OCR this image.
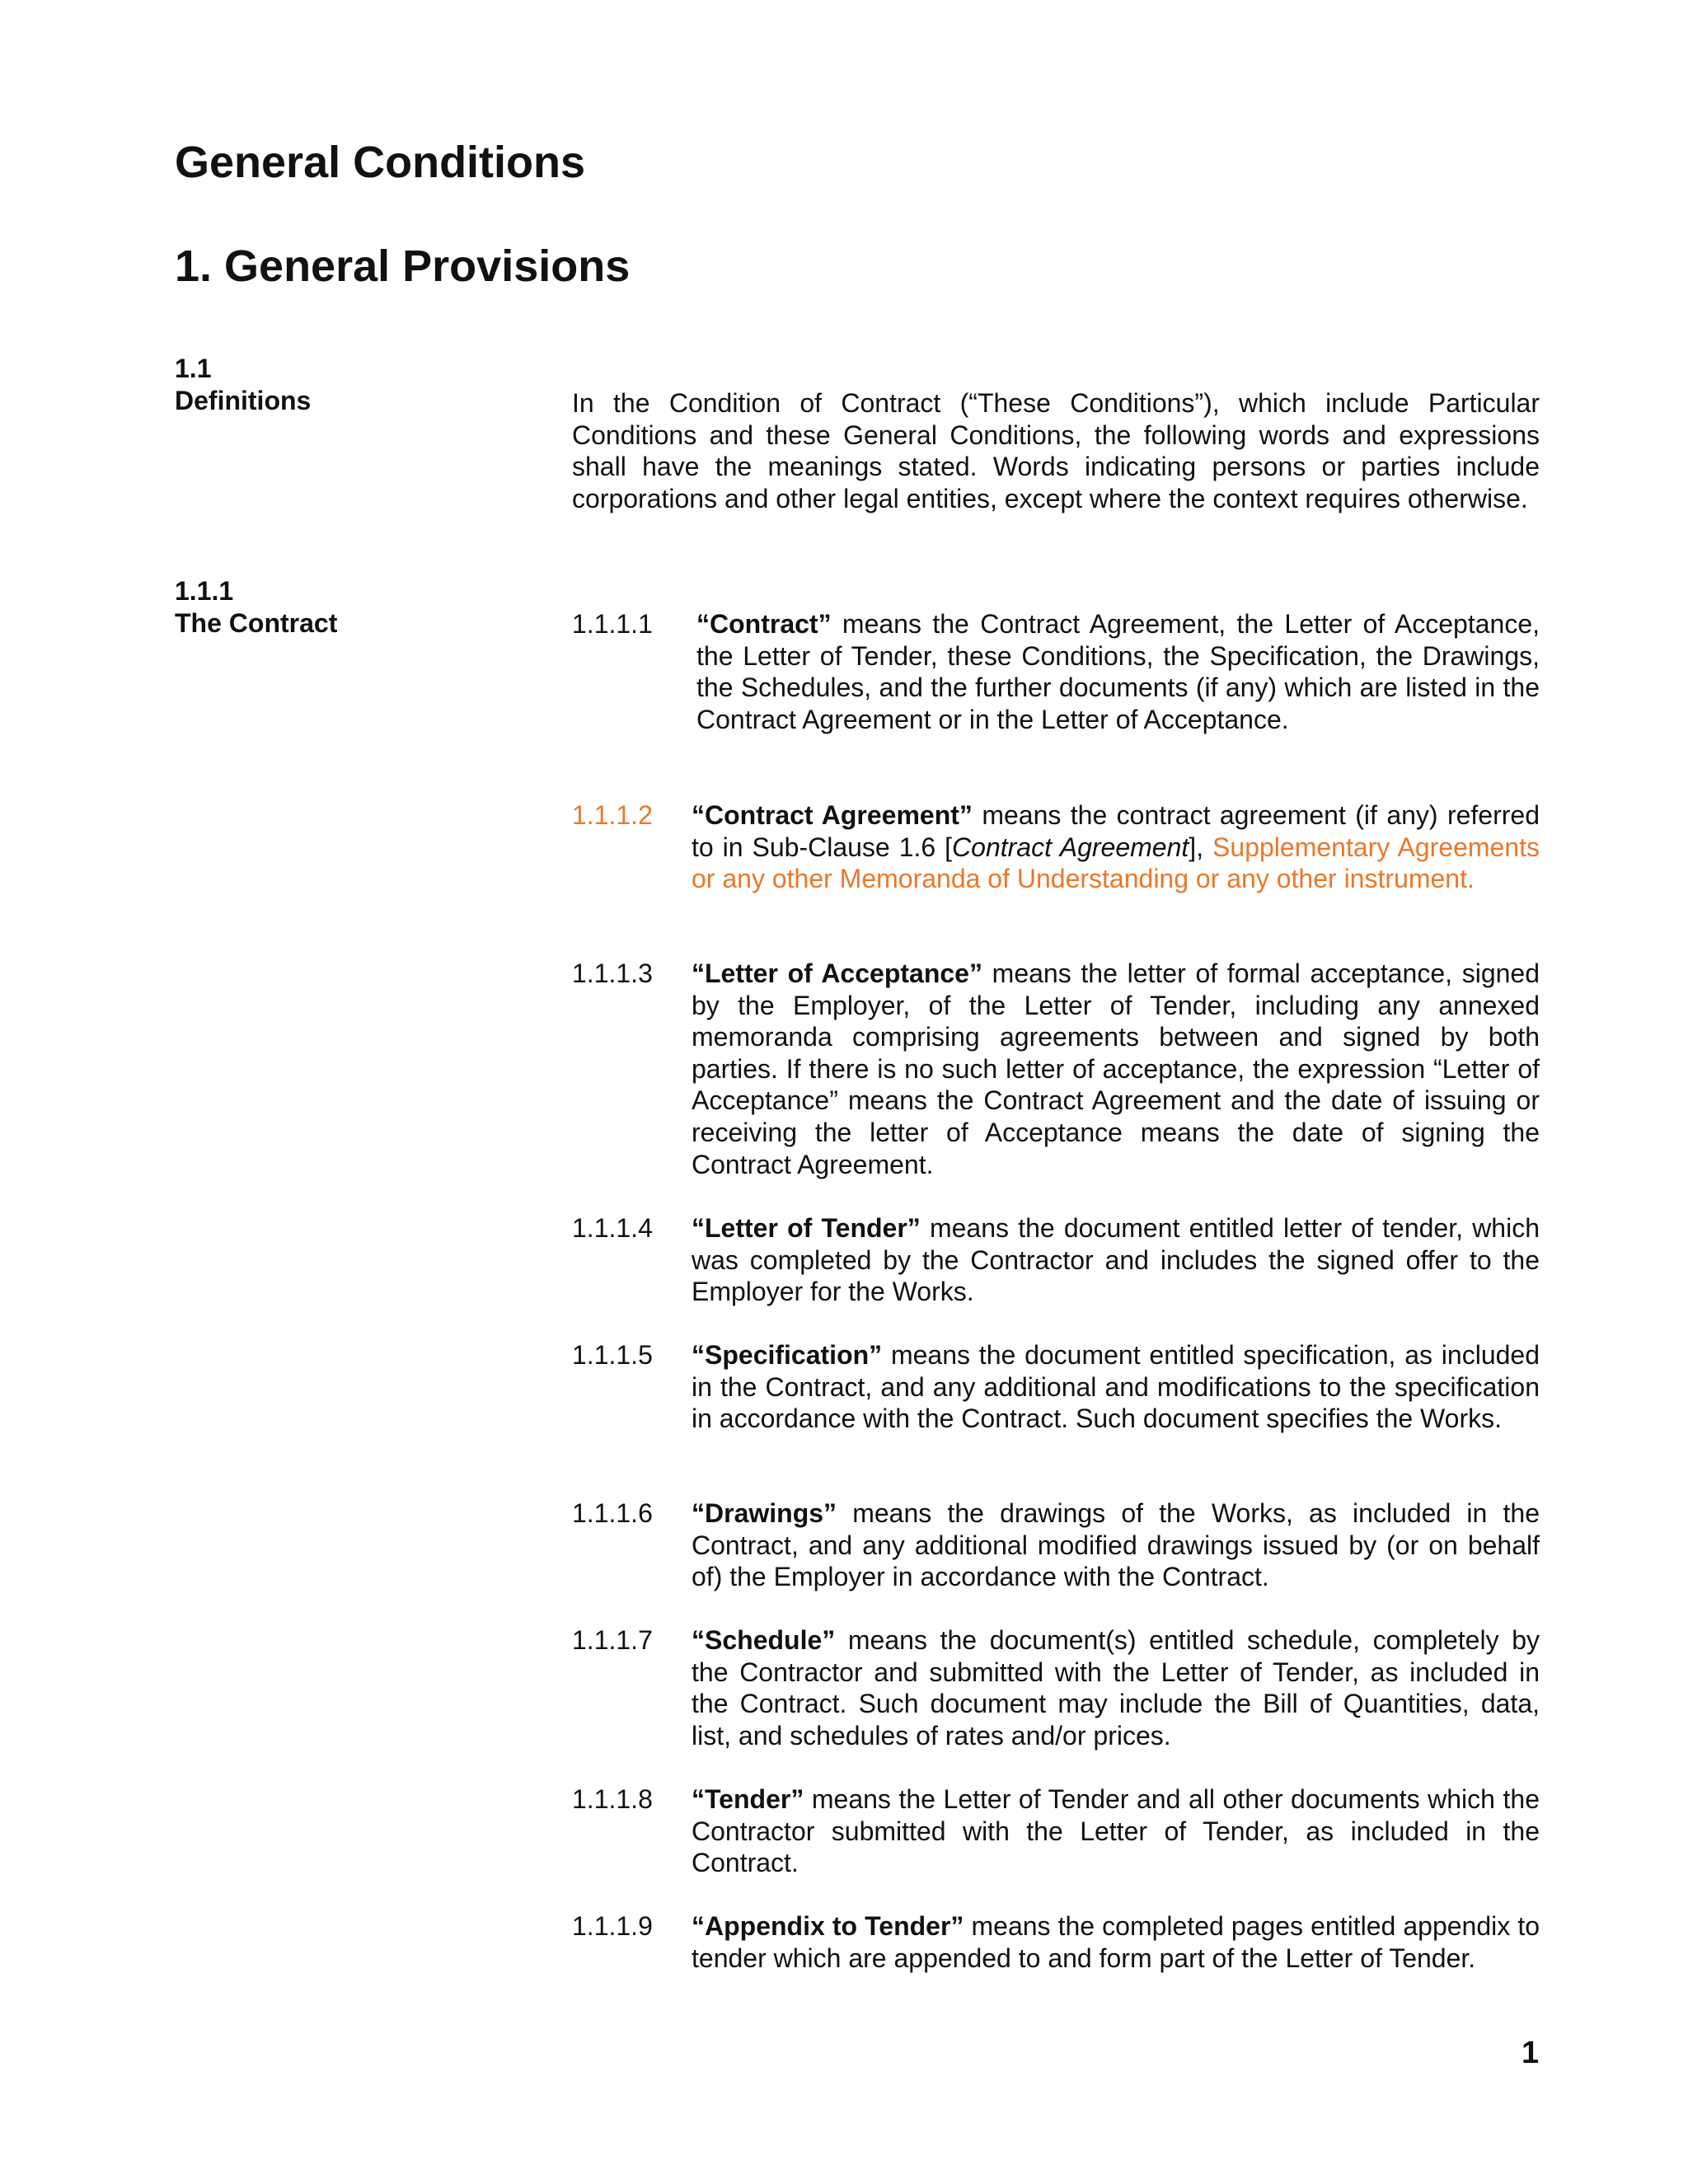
General Conditions
1. General Provisions
1.1
Definitions	In the Condition of Contract (“These Conditions”), which include Particular Conditions and these General Conditions, the following words and expressions shall have the meanings stated. Words indicating persons or parties include corporations and other legal entities, except where the context requires otherwise.
1.1.1
The Contract	1.1.1.1 “Contract” means the Contract Agreement, the Letter of Acceptance, the Letter of Tender, these Conditions, the Specification, the Drawings, the Schedules, and the further documents (if any) which are listed in the Contract Agreement or in the Letter of Acceptance.
1.1.1.2 “Contract Agreement” means the contract agreement (if any) referred to in Sub-Clause 1.6 [Contract Agreement], Supplementary Agreements or any other Memoranda of Understanding or any other instrument.
1.1.1.3 “Letter of Acceptance” means the letter of formal acceptance, signed by the Employer, of the Letter of Tender, including any annexed memoranda comprising agreements between and signed by both parties. If there is no such letter of acceptance, the expression “Letter of Acceptance” means the Contract Agreement and the date of issuing or receiving the letter of Acceptance means the date of signing the Contract Agreement.
1.1.1.4 “Letter of Tender” means the document entitled letter of tender, which was completed by the Contractor and includes the signed offer to the Employer for the Works.
1.1.1.5 “Specification” means the document entitled specification, as included in the Contract, and any additional and modifications to the specification in accordance with the Contract. Such document specifies the Works.
1.1.1.6 “Drawings” means the drawings of the Works, as included in the Contract, and any additional modified drawings issued by (or on behalf of) the Employer in accordance with the Contract.
1.1.1.7 “Schedule” means the document(s) entitled schedule, completely by the Contractor and submitted with the Letter of Tender, as included in the Contract. Such document may include the Bill of Quantities, data, list, and schedules of rates and/or prices.
1.1.1.8 “Tender” means the Letter of Tender and all other documents which the Contractor submitted with the Letter of Tender, as included in the Contract.
1.1.1.9 “Appendix to Tender” means the completed pages entitled appendix to tender which are appended to and form part of the Letter of Tender.
1
